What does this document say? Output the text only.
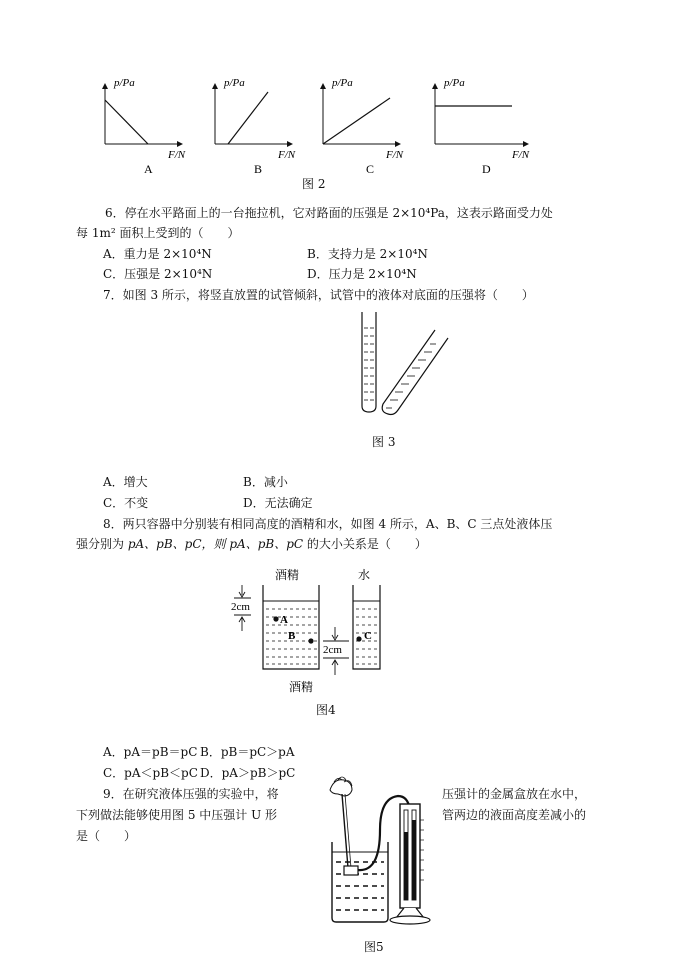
p/Pa
F/N
A
p/Pa
F/N
B
p/Pa
F/N
C
p/Pa
F/N
D
图 2
6．停在水平路面上的一台拖拉机，它对路面的压强是 2×10⁴Pa，这表示路面受力处
每 1m² 面积上受到的（　　）
A．重力是 2×10⁴N	B．支持力是 2×10⁴N
C．压强是 2×10⁴N	D．压力是 2×10⁴N
7．如图 3 所示，将竖直放置的试管倾斜，试管中的液体对底面的压强将（　　）
图 3
A．增大	B．减小
C．不变	D．无法确定
8．两只容器中分别装有相同高度的酒精和水，如图 4 所示，A、B、C 三点处液体压
强分别为 pA、pB、pC，则 pA、pB、pC 的大小关系是（　　）
A
B
酒精
酒精
C
水
2cm
2cm
图4
A．pA＝pB＝pC B．pB＝pC＞pA
C．pA＜pB＜pC D．pA＞pB＞pC
9．在研究液体压强的实验中，将
下列做法能够使用图 5 中压强计 U 形
是（　　）
压强计的金属盒放在水中，
管两边的液面高度差减小的
图5
